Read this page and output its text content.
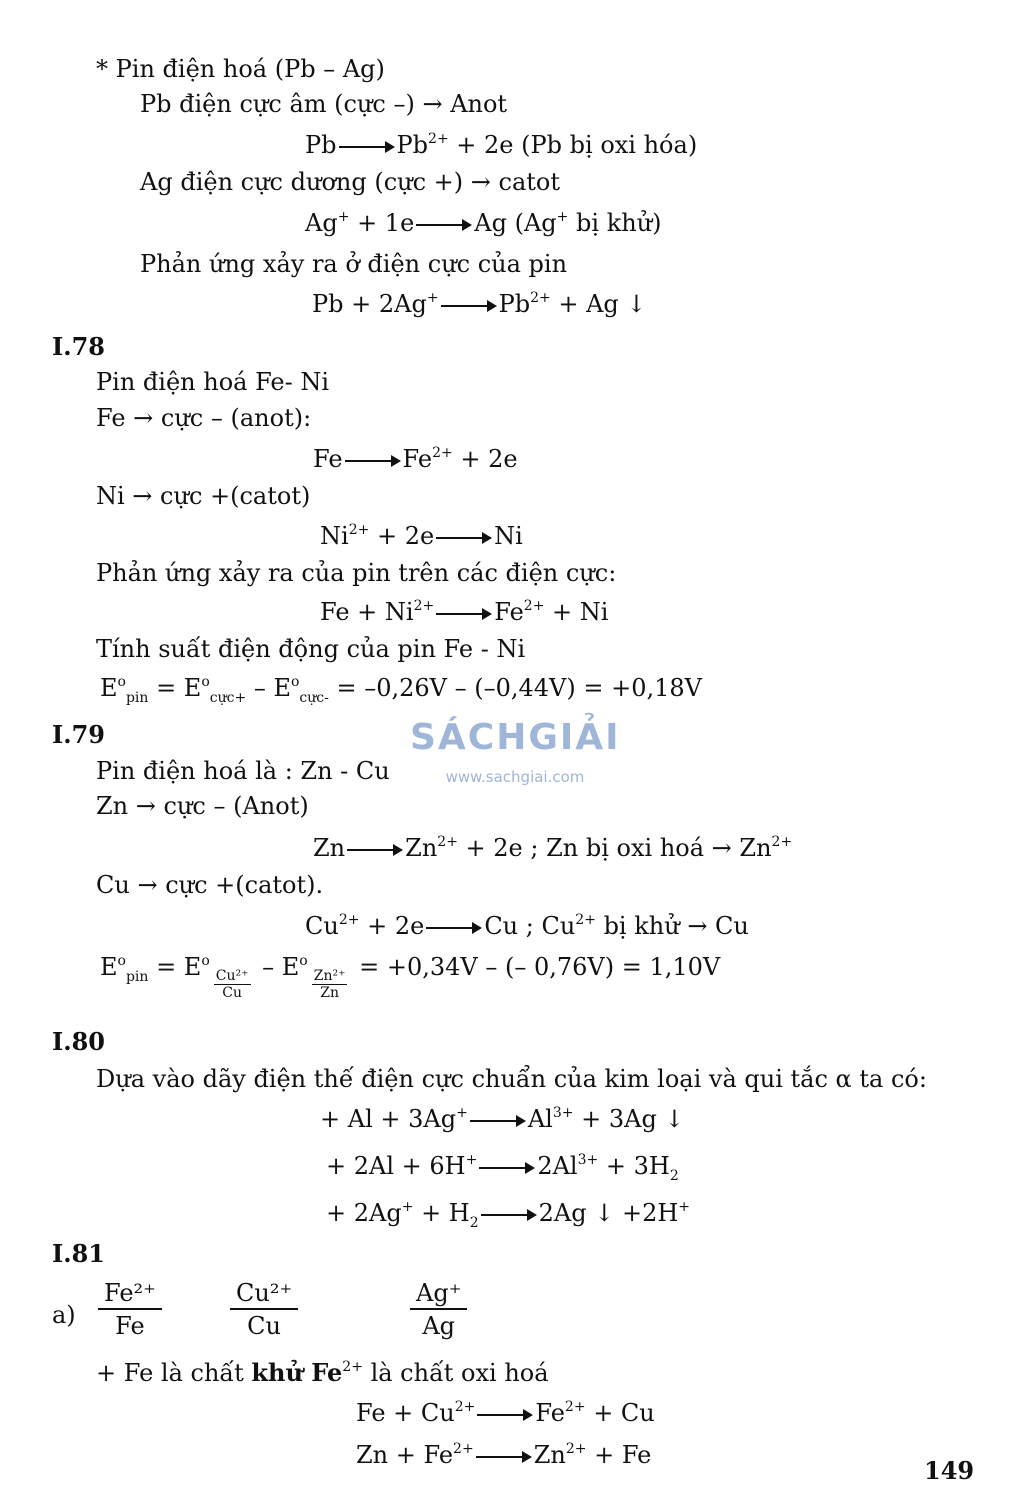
* Pin điện hoá (Pb – Ag)
Pb điện cực âm (cực –) → Anot
Pb	$Pb^{2+} + 2e$ (Pb bị oxi hóa)
Ag điện cực dương (cực +) → catot
Ag+ + 1e	Ag (Ag+ bị khử)
Phản ứng xảy ra ở điện cực của pin
Pb + 2Ag+	$Pb^{2+} + Ag$ ↓
I.78
Pin điện hoá Fe- Ni
Fe → cực – (anot):
Fe	$Fe^{2+} + 2e$
Ni → cực +(catot)
$Ni^{2+} + 2e$	Ni
Phản ứng xảy ra của pin trên các điện cực:
$Fe + Ni^{2+}$	$Fe^{2+} + Ni$
Tính suất điện động của pin Fe - Ni
$E^o_{pin} = E^o_{cực+} - E^o_{cực-} = -0,26V - (-0,44V) = +0,18V$
SÁCHGIẢI
www.sachgiai.com
I.79
Pin điện hoá là : Zn - Cu
Zn → cực – (Anot)
Zn	$Zn^{2+} + 2e$ ; Zn bị oxi hoá → $Zn^{2+}$
Cu → cực +(catot).
$Cu^{2+} + 2e$	Cu ; $Cu^{2+}$ bị khử → Cu
$E^o_{pin} = E^o$
$\frac{\text{Cu²⁺}}{Cu}$
– $E^o$
$\frac{\text{Zn²⁺}}{Zn}$
= +0,34V – (– 0,76V) = 1,10V
I.80
Dựa vào dãy điện thế điện cực chuẩn của kim loại và qui tắc α ta có:
+ Al + 3Ag+	$Al^{3+} + 3Ag$ ↓
+ 2Al + 6H+	$2Al^{3+} + 3H_2$
+ $2Ag^+ + H_2$	2Ag ↓ +2H+
I.81
$a) \frac{\text{Fe²⁺}}{Fe}$	$\frac{\text{Cu²⁺}}{Cu}$	$\frac{Ag^+}{Ag}$
+ Fe là chất khử $Fe^{2+}$ là chất oxi hoá
$Fe + Cu^{2+}$	$Fe^{2+} + Cu$
$Zn + Fe^{2+}$	$Zn^{2+} + Fe$
149
